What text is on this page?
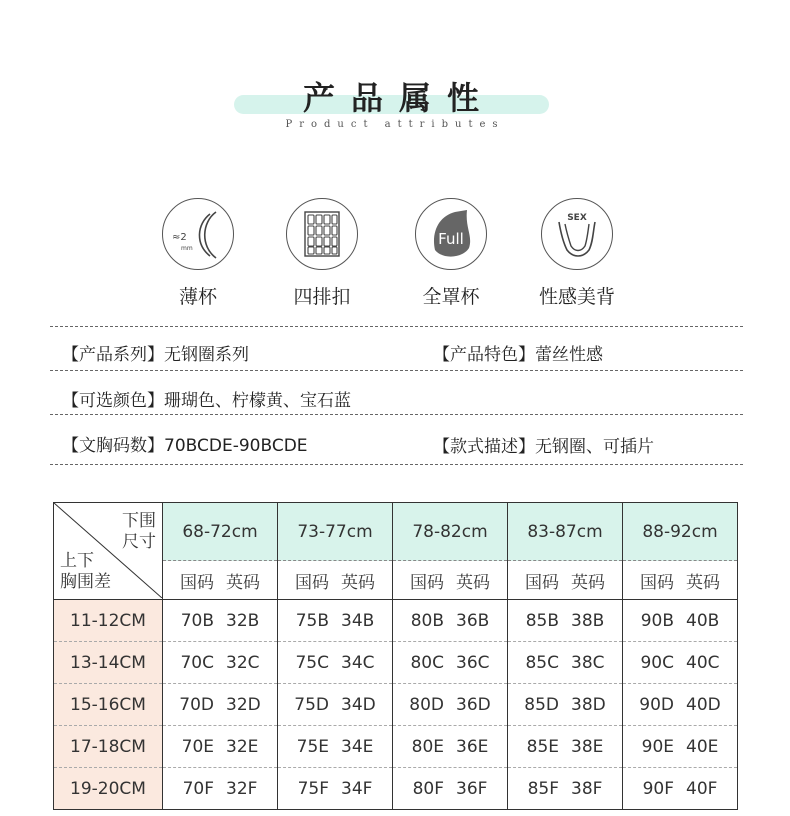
产品属性
Product attributes
≈2
mm
薄杯	四排扣
Full
全罩杯
SEX
性感美背
【产品系列】无钢圈系列	【产品特色】蕾丝性感
【可选颜色】珊瑚色、柠檬黄、宝石蓝
【文胸码数】70BCDE-90BCDE	【款式描述】无钢圈、可插片
下围
尺寸
上下
胸围差	68-72cm	73-77cm	78-82cm	83-87cm	88-92cm
	国码 英码	国码 英码	国码 英码	国码 英码	国码 英码
11-12CM	70B 32B	75B 34B	80B 36B	85B 38B	90B 40B
13-14CM	70C 32C	75C 34C	80C 36C	85C 38C	90C 40C
15-16CM	70D 32D	75D 34D	80D 36D	85D 38D	90D 40D
17-18CM	70E 32E	75E 34E	80E 36E	85E 38E	90E 40E
19-20CM	70F 32F	75F 34F	80F 36F	85F 38F	90F 40F
